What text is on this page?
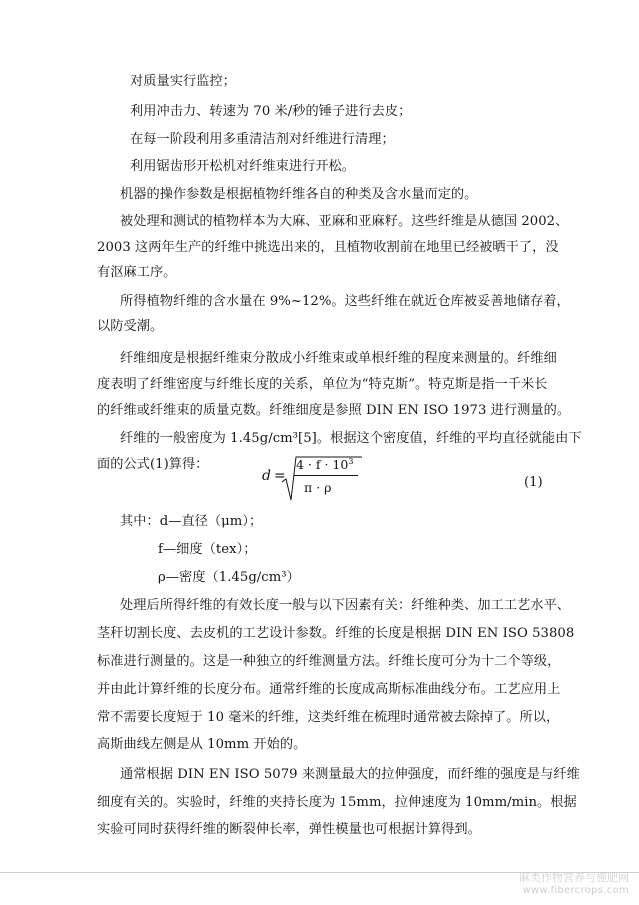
对质量实行监控；
利用冲击力、转速为 70 米/秒的锤子进行去皮；
在每一阶段利用多重清洁剂对纤维进行清理；
利用锯齿形开松机对纤维束进行开松。
机器的操作参数是根据植物纤维各自的种类及含水量而定的。
被处理和测试的植物样本为大麻、亚麻和亚麻籽。这些纤维是从德国 2002、
2003 这两年生产的纤维中挑选出来的，且植物收割前在地里已经被晒干了，没
有沤麻工序。
所得植物纤维的含水量在 9%~12%。这些纤维在就近仓库被妥善地储存着，
以防受潮。
纤维细度是根据纤维束分散成小纤维束或单根纤维的程度来测量的。纤维细
度表明了纤维密度与纤维长度的关系，单位为“特克斯”。特克斯是指一千米长
的纤维或纤维束的质量克数。纤维细度是参照 DIN EN ISO 1973 进行测量的。
纤维的一般密度为 1.45g/cm³[5]。根据这个密度值，纤维的平均直径就能由下
面的公式(1)算得：
d =
$4 \cdot f \cdot 10^3$
π · ρ	(1)
其中：d—直径（μm）；
f—细度（tex）；
ρ—密度（1.45g/cm³）
处理后所得纤维的有效长度一般与以下因素有关：纤维种类、加工工艺水平、
茎秆切割长度、去皮机的工艺设计参数。纤维的长度是根据 DIN EN ISO 53808
标准进行测量的。这是一种独立的纤维测量方法。纤维长度可分为十二个等级，
并由此计算纤维的长度分布。通常纤维的长度成高斯标准曲线分布。工艺应用上
常不需要长度短于 10 毫米的纤维，这类纤维在梳理时通常被去除掉了。所以，
高斯曲线左侧是从 10mm 开始的。
通常根据 DIN EN ISO 5079 来测量最大的拉伸强度，而纤维的强度是与纤维
细度有关的。实验时，纤维的夹持长度为 15mm，拉伸速度为 10mm/min。根据
实验可同时获得纤维的断裂伸长率，弹性模量也可根据计算得到。
麻类作物营养与施肥网
www.fibercrops.com
